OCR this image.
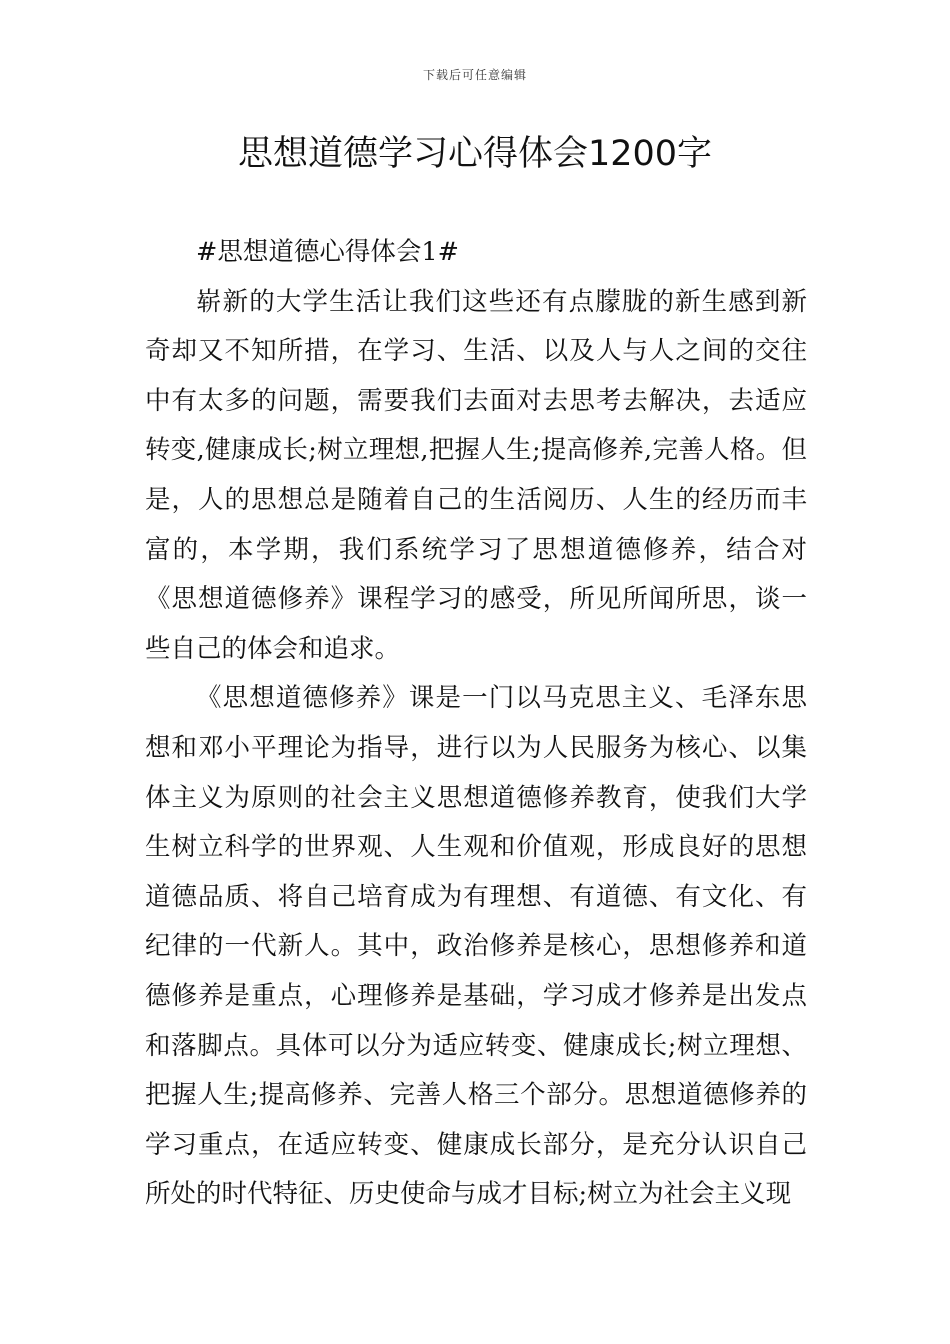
下载后可任意编辑
思想道德学习心得体会1200字

#思想道德心得体会1#

崭新的大学生活让我们这些还有点朦胧的新生感到新奇却又不知所措，在学习、生活、以及人与人之间的交往中有太多的问题，需要我们去面对去思考去解决，去适应转变,健康成长;树立理想,把握人生;提高修养,完善人格。但是，人的思想总是随着自己的生活阅历、人生的经历而丰富的，本学期，我们系统学习了思想道德修养，结合对《思想道德修养》课程学习的感受，所见所闻所思，谈一些自己的体会和追求。

《思想道德修养》课是一门以马克思主义、毛泽东思想和邓小平理论为指导，进行以为人民服务为核心、以集体主义为原则的社会主义思想道德修养教育，使我们大学生树立科学的世界观、人生观和价值观，形成良好的思想道德品质、将自己培育成为有理想、有道德、有文化、有纪律的一代新人。其中，政治修养是核心，思想修养和道德修养是重点，心理修养是基础，学习成才修养是出发点和落脚点。具体可以分为适应转变、健康成长;树立理想、把握人生;提高修养、完善人格三个部分。思想道德修养的学习重点，在适应转变、健康成长部分，是充分认识自己所处的时代特征、历史使命与成才目标;树立为社会主义现
